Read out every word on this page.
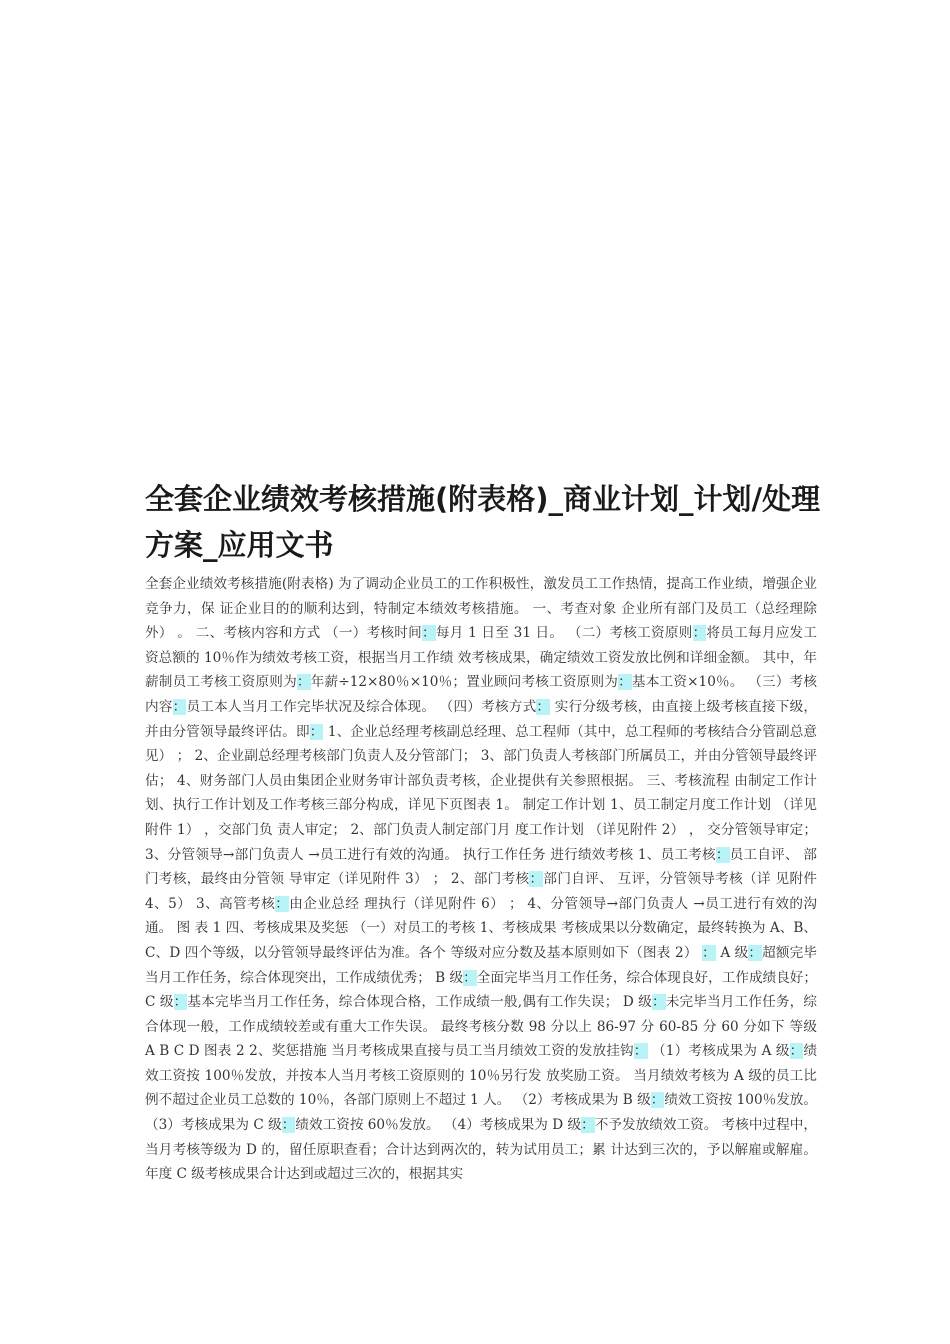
全套企业绩效考核措施(附表格)_商业计划_计划/处理方案_应用文书

全套企业绩效考核措施(附表格) 为了调动企业员工的工作积极性，激发员工工作热情，提高工作业绩，增强企业竞争力，保 证企业目的的顺利达到，特制定本绩效考核措施。 一、考查对象 企业所有部门及员工（总经理除外） 。 二、考核内容和方式 （一）考核时间：每月 1 日至 31 日。 （二）考核工资原则：将员工每月应发工资总额的 10％作为绩效考核工资，根据当月工作绩 效考核成果，确定绩效工资发放比例和详细金额。 其中，年薪制员工考核工资原则为：年薪÷12×80％×10％；置业顾问考核工资原则为：基本工资×10％。 （三）考核内容：员工本人当月工作完毕状况及综合体现。 （四）考核方式： 实行分级考核，由直接上级考核直接下级，并由分管领导最终评估。即： 1、企业总经理考核副总经理、总工程师（其中，总工程师的考核结合分管副总意见） ； 2、企业副总经理考核部门负责人及分管部门； 3、部门负责人考核部门所属员工，并由分管领导最终评估； 4、财务部门人员由集团企业财务审计部负责考核，企业提供有关参照根据。 三、考核流程 由制定工作计划、执行工作计划及工作考核三部分构成，详见下页图表 1。 制定工作计划 1、员工制定月度工作计划 （详见附件 1） ，交部门负 责人审定； 2、部门负责人制定部门月 度工作计划 （详见附件 2） ， 交分管领导审定； 3、分管领导→部门负责人 →员工进行有效的沟通。 执行工作任务 进行绩效考核 1、员工考核：员工自评、 部门考核，最终由分管领 导审定（详见附件 3） ； 2、部门考核：部门自评、 互评，分管领导考核（详 见附件 4、5） 3、高管考核：由企业总经 理执行（详见附件 6） ； 4、分管领导→部门负责人 →员工进行有效的沟通。 图 表 1 四、考核成果及奖惩 （一）对员工的考核 1、考核成果 考核成果以分数确定，最终转换为 A、B、C、D 四个等级，以分管领导最终评估为准。各个 等级对应分数及基本原则如下（图表 2） ： A 级：超额完毕当月工作任务，综合体现突出，工作成绩优秀； B 级：全面完毕当月工作任务，综合体现良好，工作成绩良好； C 级：基本完毕当月工作任务，综合体现合格，工作成绩一般,偶有工作失误； D 级：未完毕当月工作任务，综合体现一般，工作成绩较差或有重大工作失误。 最终考核分数 98 分以上 86-97 分 60-85 分 60 分如下 等级 A B C D 图表 2 2、奖惩措施 当月考核成果直接与员工当月绩效工资的发放挂钩： （1）考核成果为 A 级：绩效工资按 100％发放，并按本人当月考核工资原则的 10％另行发 放奖励工资。 当月绩效考核为 A 级的员工比例不超过企业员工总数的 10％，各部门原则上不超过 1 人。 （2）考核成果为 B 级：绩效工资按 100％发放。 （3）考核成果为 C 级：绩效工资按 60％发放。 （4）考核成果为 D 级：不予发放绩效工资。 考核中过程中，当月考核等级为 D 的，留任原职查看；合计达到两次的，转为试用员工；累 计达到三次的，予以解雇或解雇。年度 C 级考核成果合计达到或超过三次的，根据其实
